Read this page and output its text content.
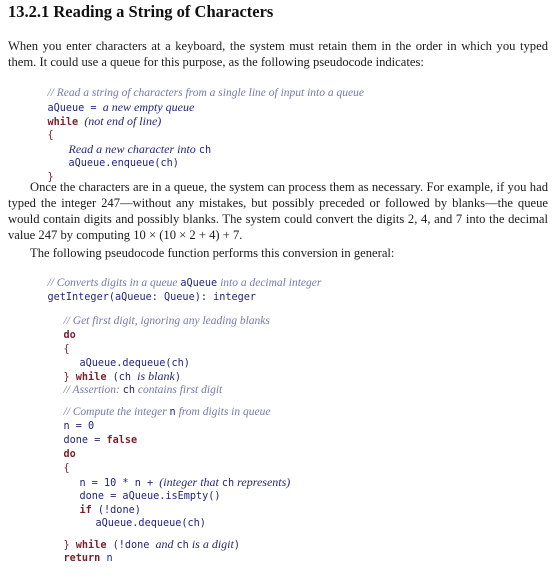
13.2.1 Reading a String of Characters
When you enter characters at a keyboard, the system must retain them in the order in which you typed them. It could use a queue for this purpose, as the following pseudocode indicates:

// Read a string of characters from a single line of input into a queue

aQueue = a new empty queue

while (not end of line)

{

Read a new character into ch

aQueue.enqueue(ch)

}

Once the characters are in a queue, the system can process them as necessary. For example, if you had typed the integer 247—without any mistakes, but possibly preceded or followed by blanks—the queue would contain digits and possibly blanks. The system could convert the digits 2, 4, and 7 into the decimal value 247 by computing 10 × (10 × 2 + 4) + 7.
The following pseudocode function performs this conversion in general:

// Converts digits in a queue aQueue into a decimal integer

getInteger(aQueue: Queue): integer

// Get first digit, ignoring any leading blanks

do

{

aQueue.dequeue(ch)

} while (ch is blank)

// Assertion: ch contains first digit

// Compute the integer n from digits in queue

n = 0

done = false

do

{

n = 10 * n + (integer that ch represents)

done = aQueue.isEmpty()

if (!done)

aQueue.dequeue(ch)

} while (!done and ch is a digit)

return n
